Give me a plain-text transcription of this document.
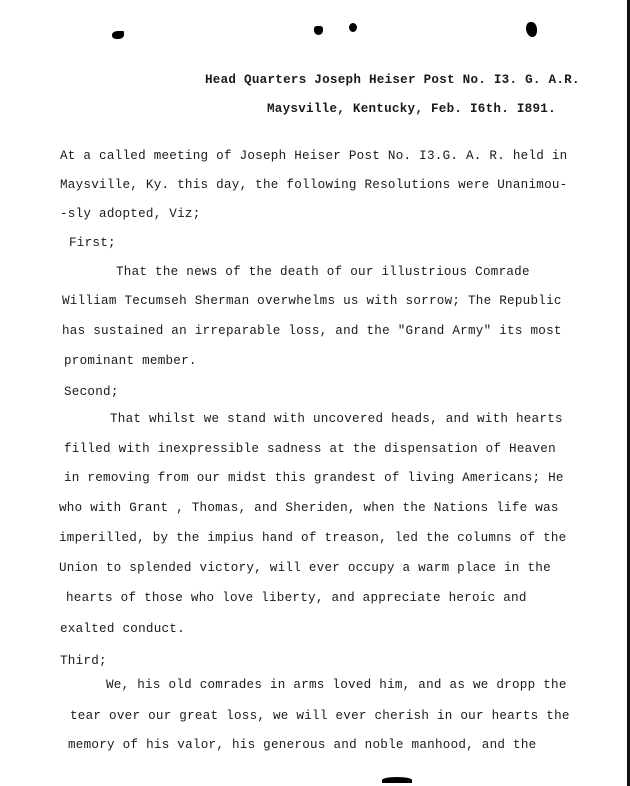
Head Quarters Joseph Heiser Post No. I3. G. A.R.
Maysville, Kentucky, Feb. I6th. I891.
At a called meeting of Joseph Heiser Post No. I3.G. A. R. held in
Maysville, Ky. this day, the following Resolutions were Unanimou-
-sly adopted, Viz;
First;
That the news of the death of our illustrious Comrade
William Tecumseh Sherman overwhelms us with sorrow; The Republic
has sustained an irreparable loss, and the "Grand Army" its most
prominant member.
Second;
That whilst we stand with uncovered heads, and with hearts
filled with inexpressible sadness at the dispensation of Heaven
in removing from our midst this grandest of living Americans; He
who with Grant , Thomas, and Sheriden, when the Nations life was
imperilled, by the impius hand of treason, led the columns of the
Union to splended victory, will ever occupy a warm place in the
hearts of those who love liberty, and appreciate heroic and
exalted conduct.
Third;
We, his old comrades in arms loved him, and as we dropp the
tear over our great loss, we will ever cherish in our hearts the
memory of his valor, his generous and noble manhood, and the
